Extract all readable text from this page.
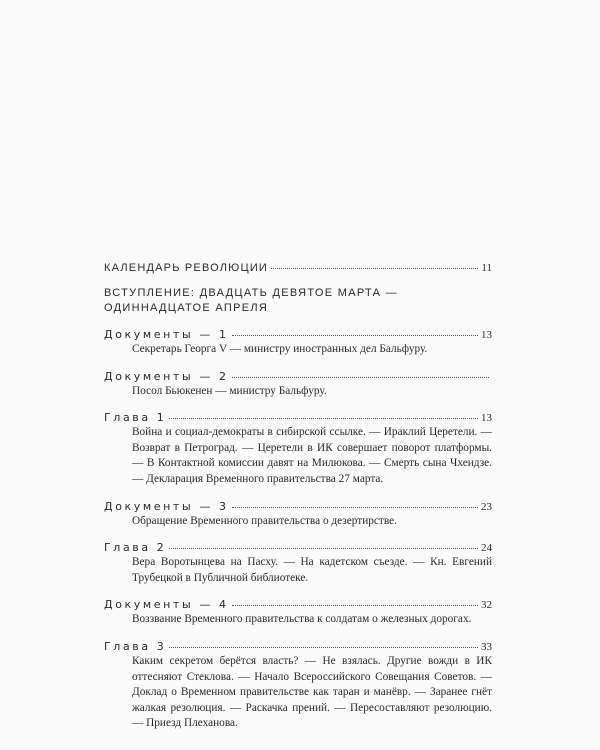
КАЛЕНДАРЬ РЕВОЛЮЦИИ	11
ВСТУПЛЕНИЕ: ДВАДЦАТЬ ДЕВЯТОЕ МАРТА —
ОДИННАДЦАТОЕ АПРЕЛЯ
Документы — 1	13
Секретарь Георга V — министру иностранных дел Бальфуру.
Документы — 2
Посол Бьюкенен — министру Бальфуру.
Глава 1	13
Война и социал-демократы в сибирской ссылке. — Ираклий Церетели. — Возврат в Петроград. — Церетели в ИК совершает поворот платформы. — В Контактной комиссии давят на Милюкова. — Смерть сына Чхеидзе. — Декларация Временного правительства 27 марта.
Документы — 3	23
Обращение Временного правительства о дезертирстве.
Глава 2	24
Вера Воротынцева на Пасху. — На кадетском съезде. — Кн. Евгений Трубецкой в Публичной библиотеке.
Документы — 4	32
Воззвание Временного правительства к солдатам о железных дорогах.
Глава 3	33
Каким секретом берётся власть? — Не взялась. Другие вожди в ИК оттесняют Стеклова. — Начало Всероссийского Совещания Советов. — Доклад о Временном правительстве как таран и манёвр. — Заранее гнёт жалкая резолюция. — Раскачка прений. — Пересоставляют резолюцию. — Приезд Плеханова.
